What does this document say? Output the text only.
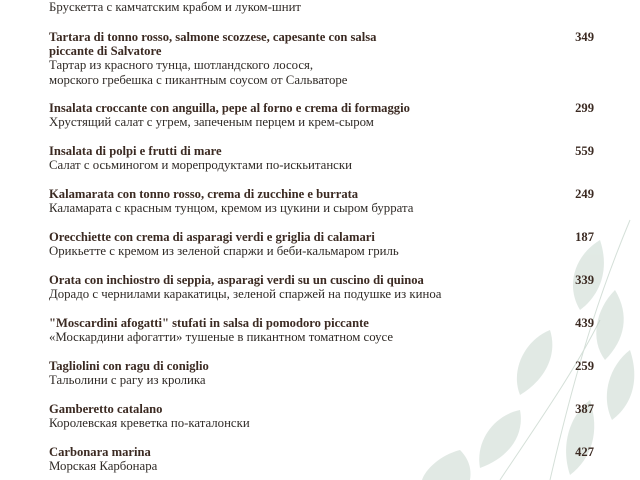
Брускетта с камчатским крабом и луком-шнит
Tartara di tonno rosso, salmone scozzese, capesante con salsa
piccante di Salvatore
Тартар из красного тунца, шотландского лосося,
морского гребешка с пикантным соусом от Сальваторе
349
Insalata croccante con anguilla, pepe al forno e crema di formaggio
Хрустящий салат с угрем, запеченым перцем и крем-сыром
299
Insalata di polpi e frutti di mare
Салат с осьминогом и морепродуктами по-искьитански
559
Kalamarata con tonno rosso, crema di zucchine e burrata
Каламарата с красным тунцом, кремом из цукини и сыром буррата
249
Orecchiette con crema di asparagi verdi e griglia di calamari
Орикьетте с кремом из зеленой спаржи и беби-кальмаром гриль
187
Orata con inchiostro di seppia, asparagi verdi su un cuscino di quinoa
Дорадо с чернилами каракатицы, зеленой спаржей на подушке из киноа
339
"Moscardini afogatti" stufati in salsa di pomodoro piccante
«Москардини афогатти» тушеные в пикантном томатном соусе
439
Tagliolini con ragu di coniglio
Тальолини с рагу из кролика
259
Gamberetto catalano
Королевская креветка по-каталонски
387
Carbonara marina
Морская Карбонара
427
